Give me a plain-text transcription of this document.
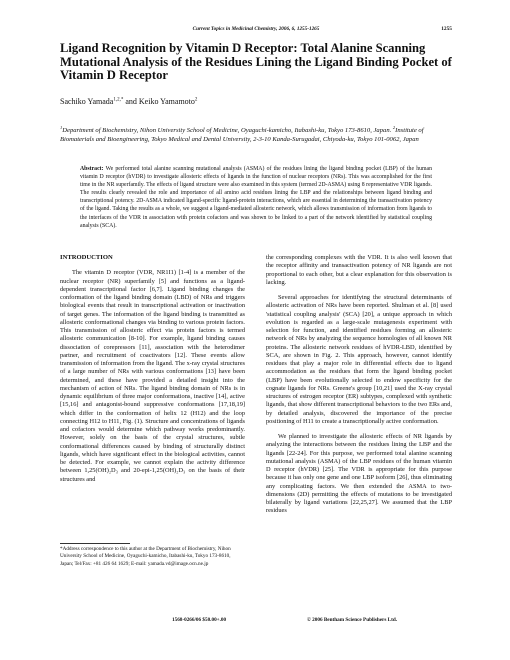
Current Topics in Medicinal Chemistry, 2006, 6, 1255-1265	1255
Ligand Recognition by Vitamin D Receptor: Total Alanine Scanning Mutational Analysis of the Residues Lining the Ligand Binding Pocket of Vitamin D Receptor
Sachiko Yamada$^{1,2,*}$ and Keiko Yamamoto$^2$
$^1$Department of Biochemistry, Nihon University School of Medicine, Oyaguchi-kamicho, Itabashi-ku, Tokyo 173-8610, Japan. $^2$Institute of Biomaterials and Bioengineering, Tokyo Medical and Dental University, 2-3-10 Kanda-Surugadai, Chiyoda-ku, Tokyo 101-0062, Japan
Abstract: We performed total alanine scanning mutational analysis (ASMA) of the residues lining the ligand binding pocket (LBP) of the human vitamin D receptor (hVDR) to investigate allosteric effects of ligands in the function of nuclear receptors (NRs). This was accomplished for the first time in the NR superfamily. The effects of ligand structure were also examined in this system (termed 2D-ASMA) using 8 representative VDR ligands. The results clearly revealed the role and importance of all amino acid residues lining the LBP and the relationships between ligand binding and transcriptional potency. 2D-ASMA indicated ligand-specific ligand-protein interactions, which are essential in determining the transactivation potency of the ligand. Taking the results as a whole, we suggest a ligand-mediated allosteric network, which allows transmission of information from ligands to the interfaces of the VDR in association with protein cofactors and was shown to be linked to a part of the network identified by statistical coupling analysis (SCA).

INTRODUCTION

The vitamin D receptor (VDR, NR1I1) [1-4] is a member of the nuclear receptor (NR) superfamily [5] and functions as a ligand-dependent transcriptional factor [6,7]. Ligand binding changes the conformation of the ligand binding domain (LBD) of NRs and triggers biological events that result in transcriptional activation or inactivation of target genes. The information of the ligand binding is transmitted as allosteric conformational changes via binding to various protein factors. This transmission of allosteric effect via protein factors is termed allosteric communication [8-10]. For example, ligand binding causes dissociation of corepressors [11], association with the heterodimer partner, and recruitment of coactivators [12]. These events allow transmission of information from the ligand. The x-ray crystal structures of a large number of NRs with various conformations [13] have been determined, and these have provided a detailed insight into the mechanism of action of NRs. The ligand binding domain of NRs is in dynamic equilibrium of three major conformations, inactive [14], active [15,16] and antagonist-bound suppressive conformations [17,18,19] which differ in the conformation of helix 12 (H12) and the loop connecting H12 to H11, Fig. (1). Structure and concentrations of ligands and cofactors would determine which pathway works predominantly. However, solely on the basis of the crystal structures, subtle conformational differences caused by binding of structurally distinct ligands, which have significant effect in the biological activities, cannot be detected. For example, we cannot explain the activity difference between 1,25(OH)₂D₃ and 20-epi-1,25(OH)₂D₃ on the basis of their structures and

the corresponding complexes with the VDR. It is also well known that the receptor affinity and transactivation potency of NR ligands are not proportional to each other, but a clear explanation for this observation is lacking.

Several approaches for identifying the structural determinants of allosteric activation of NRs have been reported. Shulman et al. [8] used 'statistical coupling analysis' (SCA) [20], a unique approach in which evolution is regarded as a large-scale mutagenesis experiment with selection for function, and identified residues forming an allosteric network of NRs by analyzing the sequence homologies of all known NR proteins. The allosteric network residues of hVDR-LBD, identified by SCA, are shown in Fig. 2. This approach, however, cannot identify residues that play a major role in differential effects due to ligand accommodation as the residues that form the ligand binding pocket (LBP) have been evolutionally selected to endow specificity for the cognate ligands for NRs. Greene's group [10,21] used the X-ray crystal structures of estrogen receptor (ER) subtypes, complexed with synthetic ligands, that show different transcriptional behaviors to the two ERs and, by detailed analysis, discovered the importance of the precise positioning of H11 to create a transcriptionally active conformation.

We planned to investigate the allosteric effects of NR ligands by analyzing the interactions between the residues lining the LBP and the ligands [22-24]. For this purpose, we performed total alanine scanning mutational analysis (ASMA) of the LBP residues of the human vitamin D receptor (hVDR) [25]. The VDR is appropriate for this purpose because it has only one gene and one LBP isoform [26], thus eliminating any complicating factors. We then extended the ASMA to two-dimensions (2D) permitting the effects of mutations to be investigated bilaterally by ligand variations [22,25,27]. We assumed that the LBP residues

*Address correspondence to this author at the Department of Biochemistry, Nihon University School of Medicine, Oyaguchi-kamicho, Itabashi-ku, Tokyo 173-8610, Japan; Tel/Fax: +81 426 64 1629; E-mail: yamada.vd@image.ocn.ne.jp
1568-0266/06 $50.00+.00	© 2006 Bentham Science Publishers Ltd.
